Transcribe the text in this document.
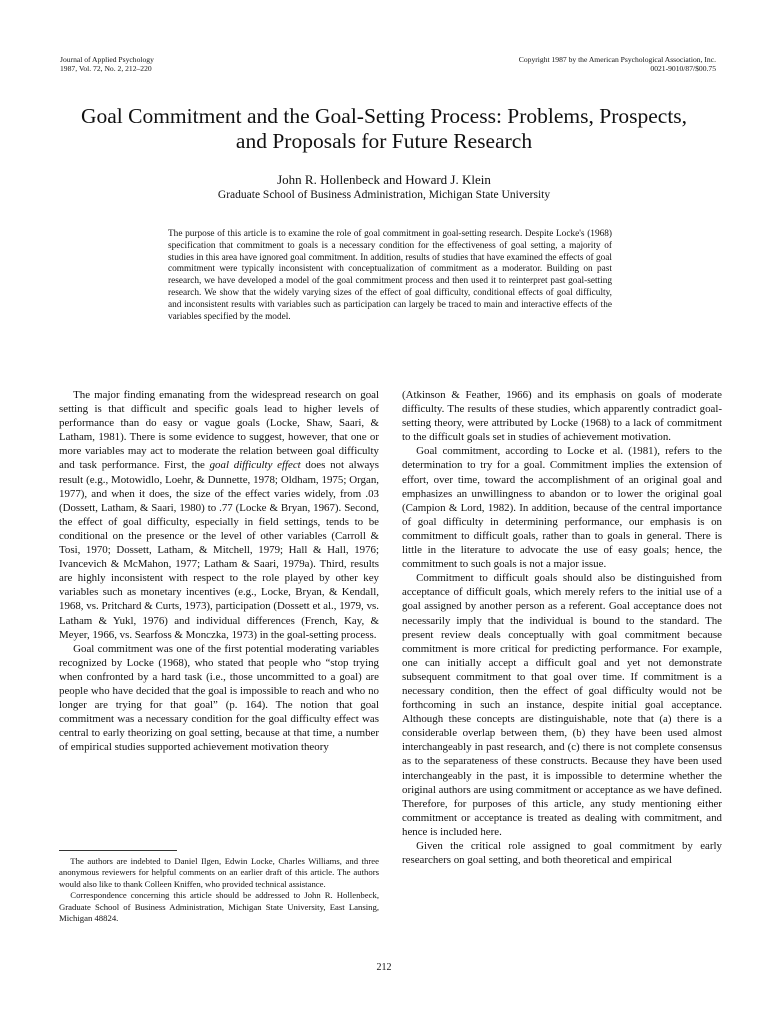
Journal of Applied Psychology
1987, Vol. 72, No. 2, 212–220
Copyright 1987 by the American Psychological Association, Inc.
0021-9010/87/$00.75
Goal Commitment and the Goal-Setting Process: Problems, Prospects,
and Proposals for Future Research
John R. Hollenbeck and Howard J. Klein
Graduate School of Business Administration, Michigan State University
The purpose of this article is to examine the role of goal commitment in goal-setting research. Despite Locke's (1968) specification that commitment to goals is a necessary condition for the effectiveness of goal setting, a majority of studies in this area have ignored goal commitment. In addition, results of studies that have examined the effects of goal commitment were typically inconsistent with conceptualization of commitment as a moderator. Building on past research, we have developed a model of the goal commitment process and then used it to reinterpret past goal-setting research. We show that the widely varying sizes of the effect of goal difficulty, conditional effects of goal difficulty, and inconsistent results with variables such as participation can largely be traced to main and interactive effects of the variables specified by the model.

The major finding emanating from the widespread research on goal setting is that difficult and specific goals lead to higher levels of performance than do easy or vague goals (Locke, Shaw, Saari, & Latham, 1981). There is some evidence to suggest, however, that one or more variables may act to moderate the relation between goal difficulty and task performance. First, the goal difficulty effect does not always result (e.g., Motowidlo, Loehr, & Dunnette, 1978; Oldham, 1975; Organ, 1977), and when it does, the size of the effect varies widely, from .03 (Dossett, Latham, & Saari, 1980) to .77 (Locke & Bryan, 1967). Second, the effect of goal difficulty, especially in field settings, tends to be conditional on the presence or the level of other variables (Carroll & Tosi, 1970; Dossett, Latham, & Mitchell, 1979; Hall & Hall, 1976; Ivancevich & McMahon, 1977; Latham & Saari, 1979a). Third, results are highly inconsistent with respect to the role played by other key variables such as monetary incentives (e.g., Locke, Bryan, & Kendall, 1968, vs. Pritchard & Curts, 1973), participation (Dossett et al., 1979, vs. Latham & Yukl, 1976) and individual differences (French, Kay, & Meyer, 1966, vs. Searfoss & Monczka, 1973) in the goal-setting process.

Goal commitment was one of the first potential moderating variables recognized by Locke (1968), who stated that people who “stop trying when confronted by a hard task (i.e., those uncommitted to a goal) are people who have decided that the goal is impossible to reach and who no longer are trying for that goal” (p. 164). The notion that goal commitment was a necessary condition for the goal difficulty effect was central to early theorizing on goal setting, because at that time, a number of empirical studies supported achievement motivation theory

(Atkinson & Feather, 1966) and its emphasis on goals of moderate difficulty. The results of these studies, which apparently contradict goal-setting theory, were attributed by Locke (1968) to a lack of commitment to the difficult goals set in studies of achievement motivation.

Goal commitment, according to Locke et al. (1981), refers to the determination to try for a goal. Commitment implies the extension of effort, over time, toward the accomplishment of an original goal and emphasizes an unwillingness to abandon or to lower the original goal (Campion & Lord, 1982). In addition, because of the central importance of goal difficulty in determining performance, our emphasis is on commitment to difficult goals, rather than to goals in general. There is little in the literature to advocate the use of easy goals; hence, the commitment to such goals is not a major issue.

Commitment to difficult goals should also be distinguished from acceptance of difficult goals, which merely refers to the initial use of a goal assigned by another person as a referent. Goal acceptance does not necessarily imply that the individual is bound to the standard. The present review deals conceptually with goal commitment because commitment is more critical for predicting performance. For example, one can initially accept a difficult goal and yet not demonstrate subsequent commitment to that goal over time. If commitment is a necessary condition, then the effect of goal difficulty would not be forthcoming in such an instance, despite initial goal acceptance. Although these concepts are distinguishable, note that (a) there is a considerable overlap between them, (b) they have been used almost interchangeably in past research, and (c) there is not complete consensus as to the separateness of these constructs. Because they have been used interchangeably in the past, it is impossible to determine whether the original authors are using commitment or acceptance as we have defined. Therefore, for purposes of this article, any study mentioning either commitment or acceptance is treated as dealing with commitment, and hence is included here.

Given the critical role assigned to goal commitment by early researchers on goal setting, and both theoretical and empirical

The authors are indebted to Daniel Ilgen, Edwin Locke, Charles Williams, and three anonymous reviewers for helpful comments on an earlier draft of this article. The authors would also like to thank Colleen Kniffen, who provided technical assistance.

Correspondence concerning this article should be addressed to John R. Hollenbeck, Graduate School of Business Administration, Michigan State University, East Lansing, Michigan 48824.

212
